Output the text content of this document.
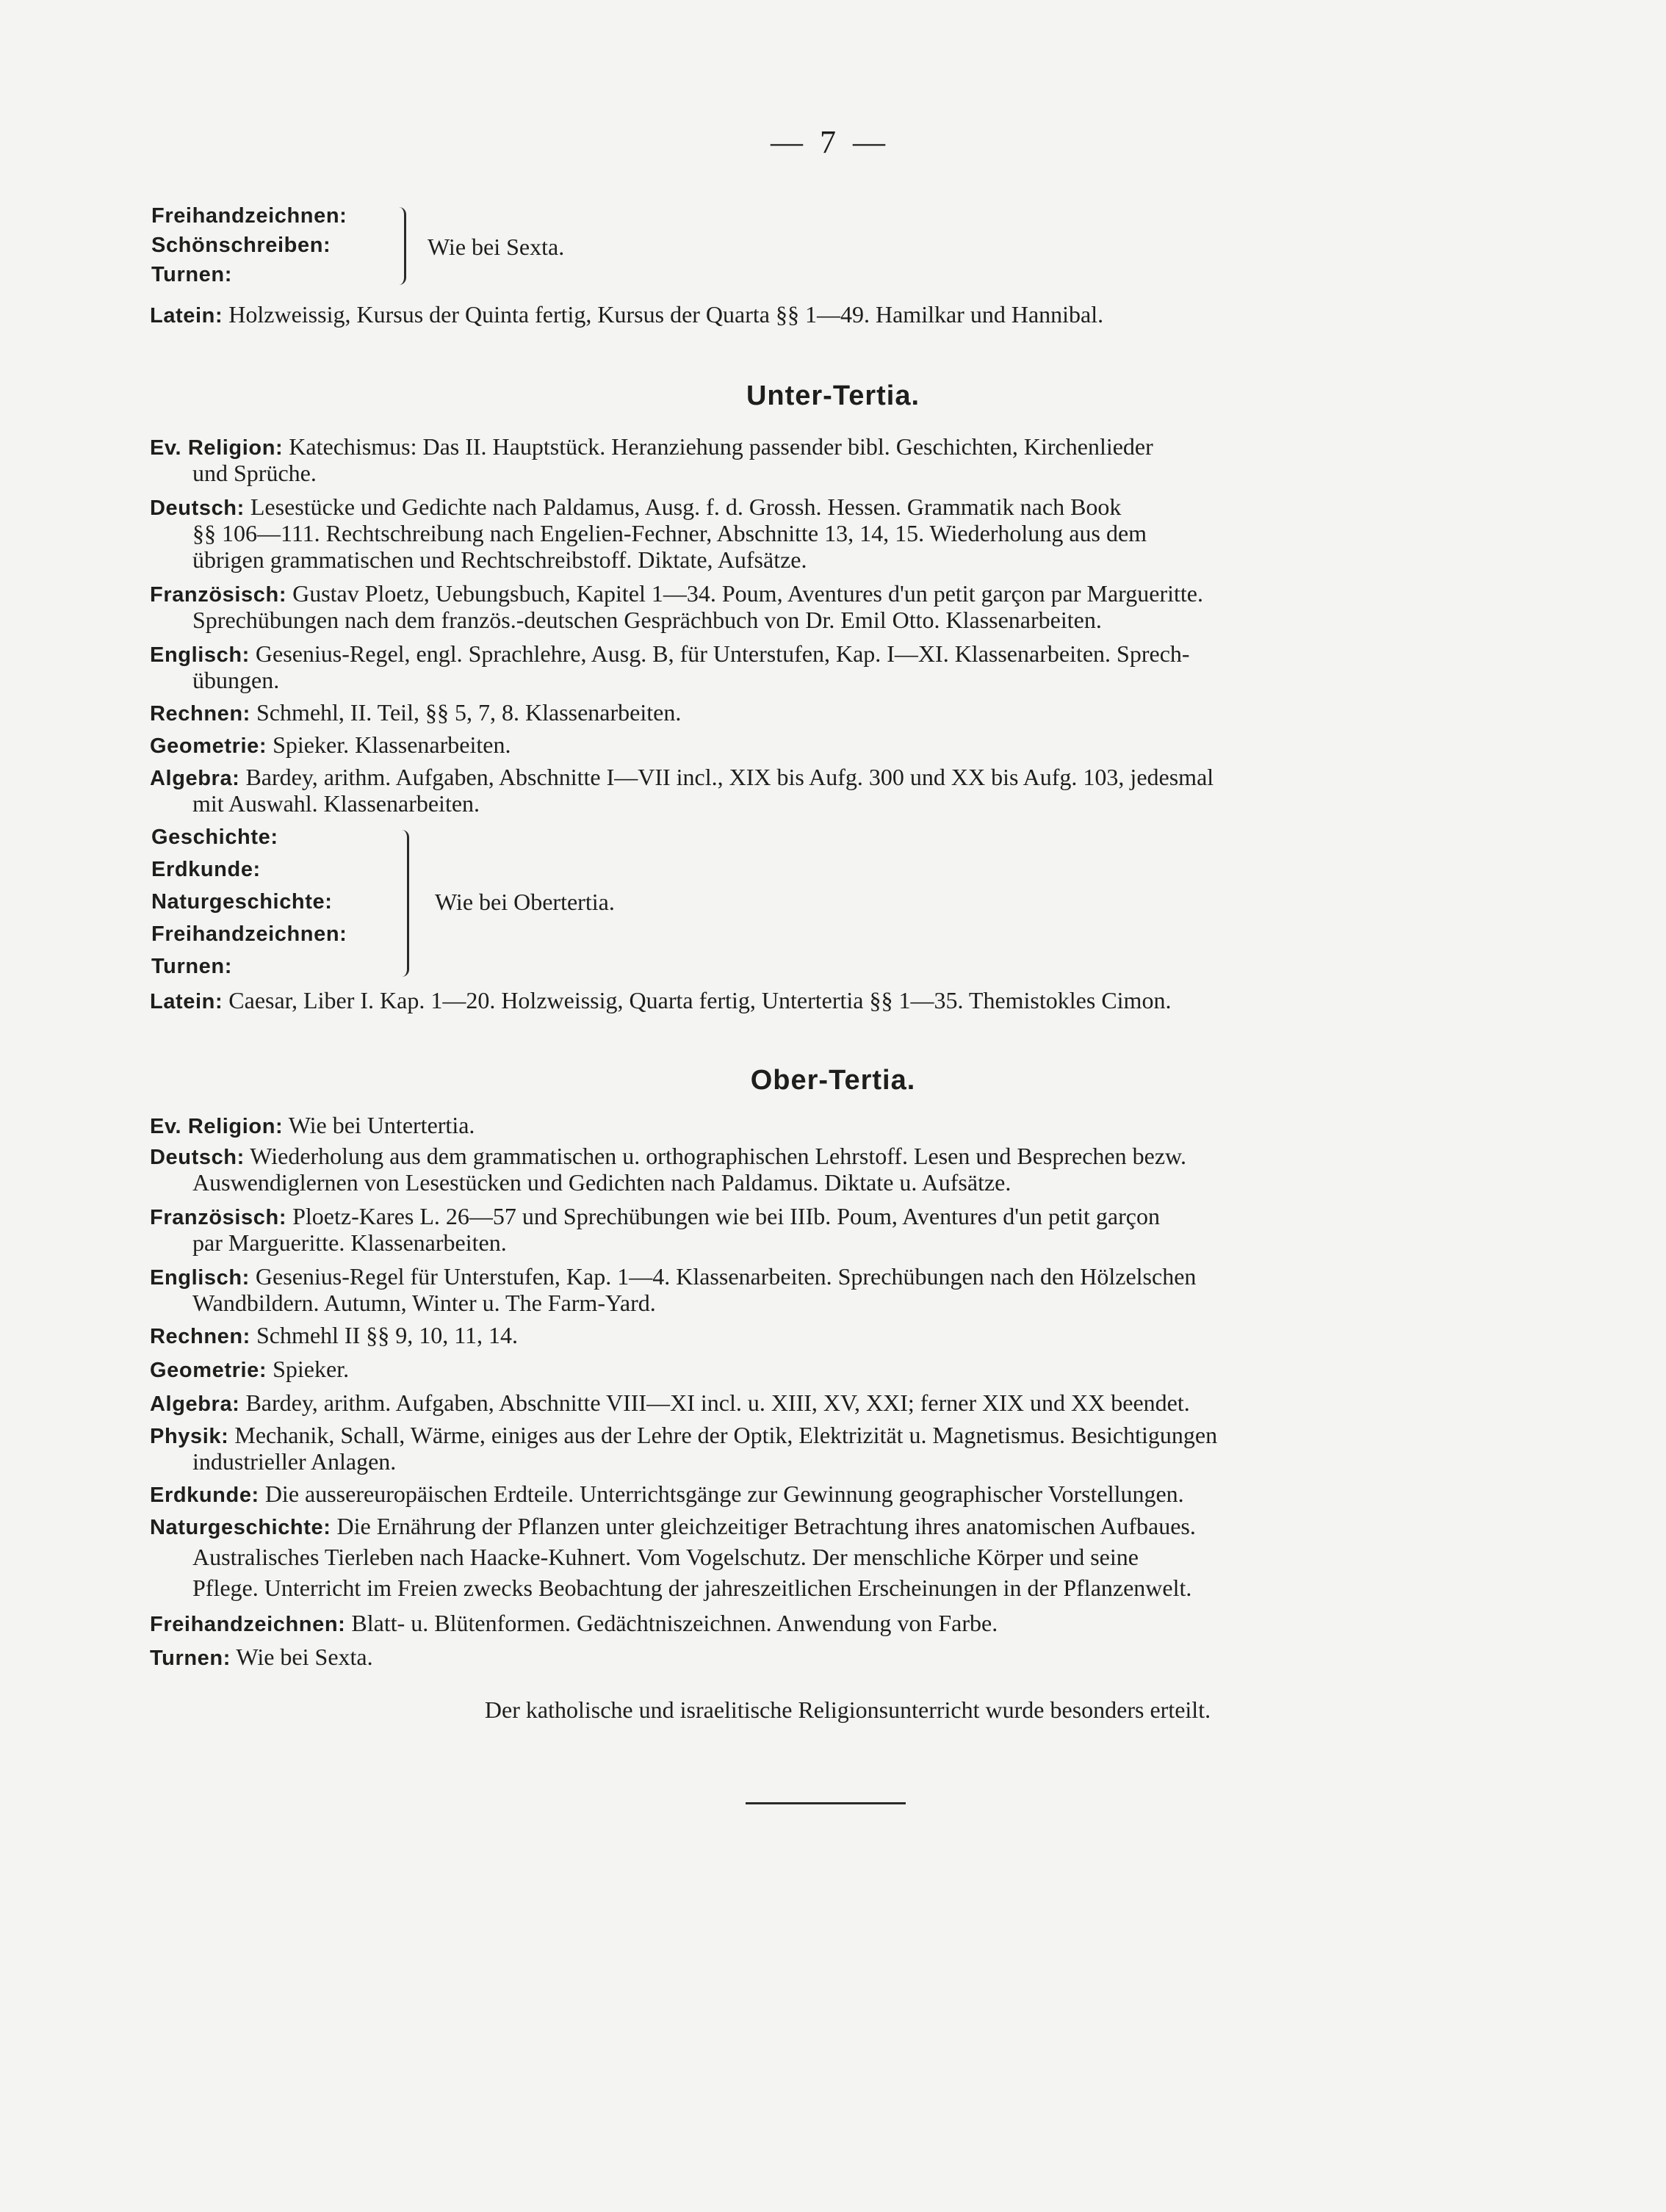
— 7 —
Freihandzeichnen:
Schönschreiben:
Turnen:
Wie bei Sexta.
Latein: Holzweissig, Kursus der Quinta fertig, Kursus der Quarta §§ 1—49. Hamilkar und Hannibal.
Unter-Tertia.
Ev. Religion: Katechismus: Das II. Hauptstück. Heranziehung passender bibl. Geschichten, Kirchenlieder
und Sprüche.
Deutsch: Lesestücke und Gedichte nach Paldamus, Ausg. f. d. Grossh. Hessen. Grammatik nach Book
§§ 106—111. Rechtschreibung nach Engelien-Fechner, Abschnitte 13, 14, 15. Wiederholung aus dem
übrigen grammatischen und Rechtschreibstoff. Diktate, Aufsätze.
Französisch: Gustav Ploetz, Uebungsbuch, Kapitel 1—34. Poum, Aventures d'un petit garçon par Margueritte.
Sprechübungen nach dem französ.-deutschen Gesprächbuch von Dr. Emil Otto. Klassenarbeiten.
Englisch: Gesenius-Regel, engl. Sprachlehre, Ausg. B, für Unterstufen, Kap. I—XI. Klassenarbeiten. Sprech-
übungen.
Rechnen: Schmehl, II. Teil, §§ 5, 7, 8. Klassenarbeiten.
Geometrie: Spieker. Klassenarbeiten.
Algebra: Bardey, arithm. Aufgaben, Abschnitte I—VII incl., XIX bis Aufg. 300 und XX bis Aufg. 103, jedesmal
mit Auswahl. Klassenarbeiten.
Geschichte:
Erdkunde:
Naturgeschichte:
Freihandzeichnen:
Turnen:
Wie bei Obertertia.
Latein: Caesar, Liber I. Kap. 1—20. Holzweissig, Quarta fertig, Untertertia §§ 1—35. Themistokles Cimon.
Ober-Tertia.
Ev. Religion: Wie bei Untertertia.
Deutsch: Wiederholung aus dem grammatischen u. orthographischen Lehrstoff. Lesen und Besprechen bezw.
Auswendiglernen von Lesestücken und Gedichten nach Paldamus. Diktate u. Aufsätze.
Französisch: Ploetz-Kares L. 26—57 und Sprechübungen wie bei IIIb. Poum, Aventures d'un petit garçon
par Margueritte. Klassenarbeiten.
Englisch: Gesenius-Regel für Unterstufen, Kap. 1—4. Klassenarbeiten. Sprechübungen nach den Hölzelschen
Wandbildern. Autumn, Winter u. The Farm-Yard.
Rechnen: Schmehl II §§ 9, 10, 11, 14.
Geometrie: Spieker.
Algebra: Bardey, arithm. Aufgaben, Abschnitte VIII—XI incl. u. XIII, XV, XXI; ferner XIX und XX beendet.
Physik: Mechanik, Schall, Wärme, einiges aus der Lehre der Optik, Elektrizität u. Magnetismus. Besichtigungen
industrieller Anlagen.
Erdkunde: Die aussereuropäischen Erdteile. Unterrichtsgänge zur Gewinnung geographischer Vorstellungen.
Naturgeschichte: Die Ernährung der Pflanzen unter gleichzeitiger Betrachtung ihres anatomischen Aufbaues.
Australisches Tierleben nach Haacke-Kuhnert. Vom Vogelschutz. Der menschliche Körper und seine
Pflege. Unterricht im Freien zwecks Beobachtung der jahreszeitlichen Erscheinungen in der Pflanzenwelt.
Freihandzeichnen: Blatt- u. Blütenformen. Gedächtniszeichnen. Anwendung von Farbe.
Turnen: Wie bei Sexta.
Der katholische und israelitische Religionsunterricht wurde besonders erteilt.
